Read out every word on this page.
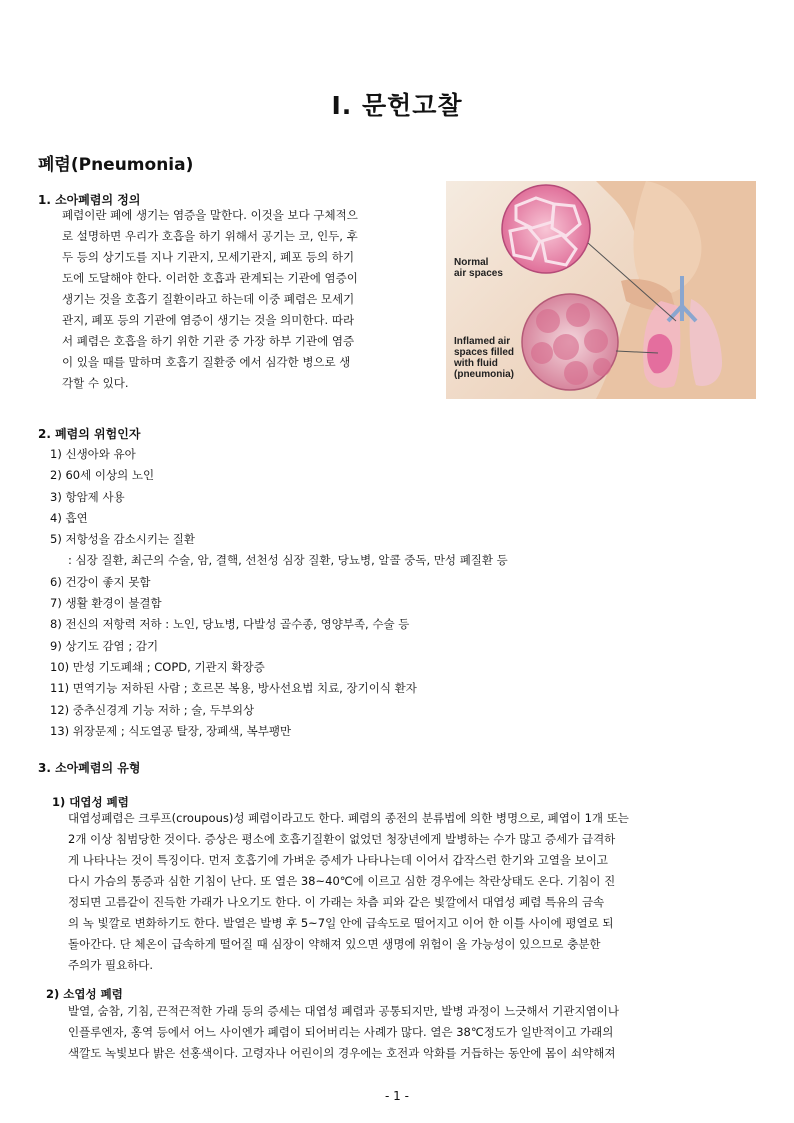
Ⅰ. 문헌고찰
폐렴(Pneumonia)
1. 소아폐렴의 정의
폐렴이란 폐에 생기는 염증을 말한다. 이것을 보다 구체적으
로 설명하면 우리가 호흡을 하기 위해서 공기는 코, 인두, 후
두 등의 상기도를 지나 기관지, 모세기관지, 폐포 등의 하기
도에 도달해야 한다. 이러한 호흡과 관계되는 기관에 염증이
생기는 것을 호흡기 질환이라고 하는데 이중 폐렴은 모세기
관지, 폐포 등의 기관에 염증이 생기는 것을 의미한다. 따라
서 폐렴은 호흡을 하기 위한 기관 중 가장 하부 기관에 염증
이 있을 때를 말하며 호흡기 질환중 에서 심각한 병으로 생
각할 수 있다.
Normal
air spaces
Inflamed air
spaces filled
with fluid
(pneumonia)
2. 폐렴의 위험인자
1) 신생아와 유아
2) 60세 이상의 노인
3) 항암제 사용
4) 흡연
5) 저항성을 감소시키는 질환
: 심장 질환, 최근의 수술, 암, 결핵, 선천성 심장 질환, 당뇨병, 알콜 중독, 만성 폐질환 등
6) 건강이 좋지 못함
7) 생활 환경이 불결함
8) 전신의 저항력 저하 : 노인, 당뇨병, 다발성 골수종, 영양부족, 수술 등
9) 상기도 감염 ; 감기
10) 만성 기도폐쇄 ; COPD, 기관지 확장증
11) 면역기능 저하된 사람 ; 호르몬 복용, 방사선요법 치료, 장기이식 환자
12) 중추신경계 기능 저하 ; 술, 두부외상
13) 위장문제 ; 식도열공 탈장, 장폐색, 복부팽만
3. 소아폐렴의 유형
1) 대엽성 폐렴
대엽성폐렴은 크루프(croupous)성 폐렴이라고도 한다. 폐렴의 종전의 분류법에 의한 병명으로, 폐엽이 1개 또는
2개 이상 침범당한 것이다. 증상은 평소에 호흡기질환이 없었던 청장년에게 발병하는 수가 많고 증세가 급격하
게 나타나는 것이 특징이다. 먼저 호흡기에 가벼운 증세가 나타나는데 이어서 갑작스런 한기와 고열을 보이고
다시 가슴의 통증과 심한 기침이 난다. 또 열은 38~40℃에 이르고 심한 경우에는 착란상태도 온다. 기침이 진
정되면 고름같이 진득한 가래가 나오기도 한다. 이 가래는 차츰 피와 같은 빛깔에서 대엽성 폐렴 특유의 금속
의 녹 빛깔로 변화하기도 한다. 발열은 발병 후 5~7일 안에 급속도로 떨어지고 이어 한 이틀 사이에 평열로 되
돌아간다. 단 체온이 급속하게 떨어질 때 심장이 약해져 있으면 생명에 위험이 올 가능성이 있으므로 충분한
주의가 필요하다.
2) 소엽성 폐렴
발열, 숨참, 기침, 끈적끈적한 가래 등의 증세는 대엽성 폐렴과 공통되지만, 발병 과정이 느긋해서 기관지염이나
인플루엔자, 홍역 등에서 어느 사이엔가 폐렴이 되어버리는 사례가 많다. 열은 38℃정도가 일반적이고 가래의
색깔도 녹빛보다 밝은 선홍색이다. 고령자나 어린이의 경우에는 호전과 악화를 거듭하는 동안에 몸이 쇠약해져
- 1 -
